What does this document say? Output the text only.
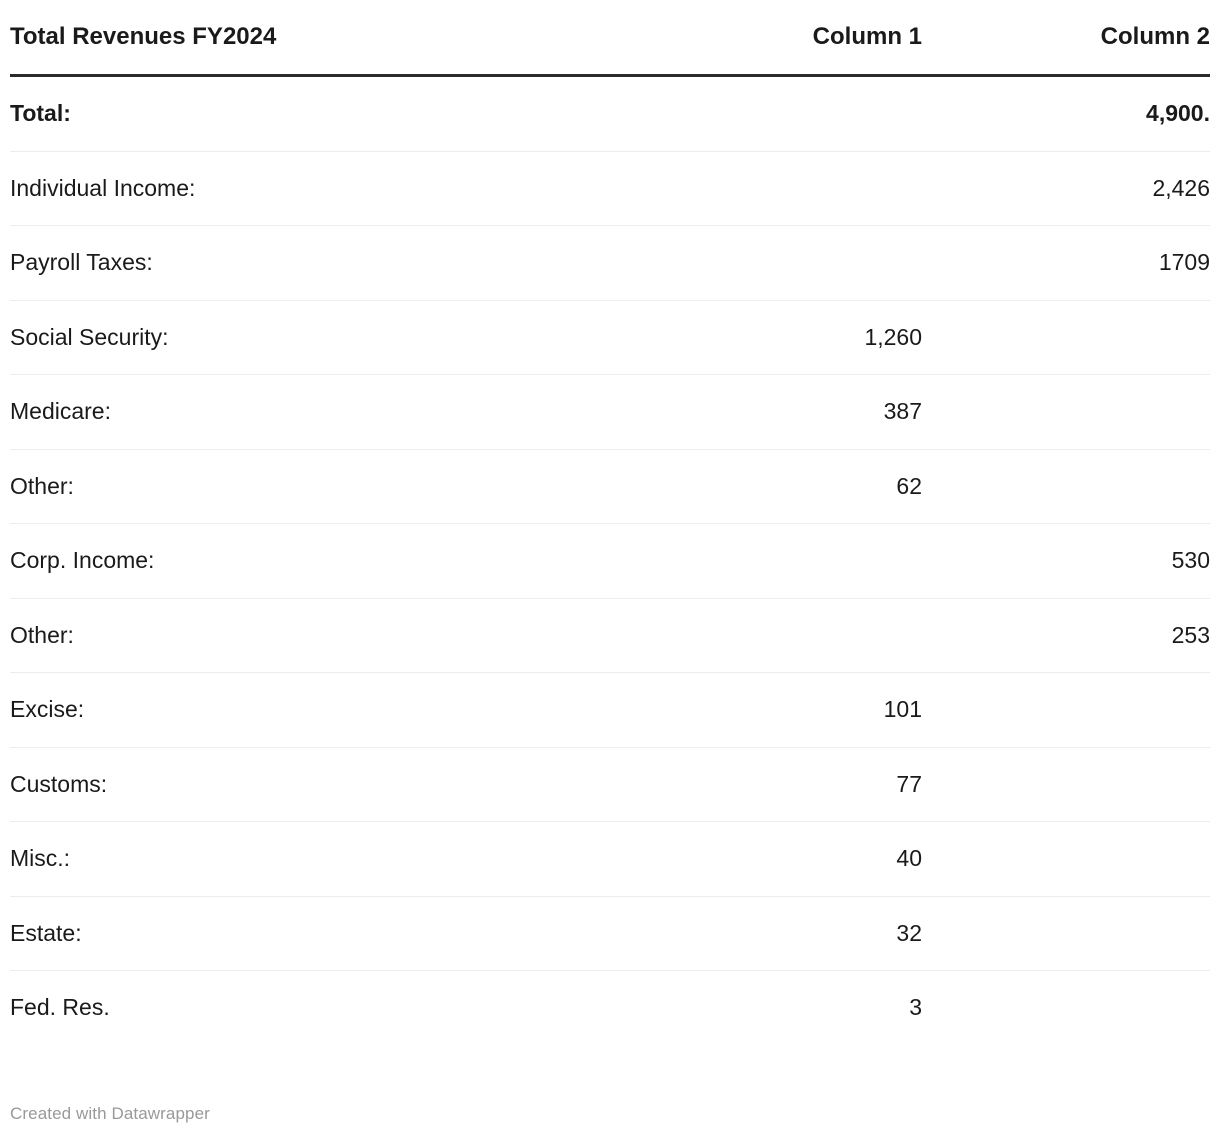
Total Revenues FY2024	Column 1	Column 2
Total:		4,900.
Individual Income:		2,426
Payroll Taxes:		1709
Social Security:	1,260	
Medicare:	387	
Other:	62	
Corp. Income:		530
Other:		253
Excise:	101	
Customs:	77	
Misc.:	40	
Estate:	32	
Fed. Res.	3	
Created with Datawrapper
